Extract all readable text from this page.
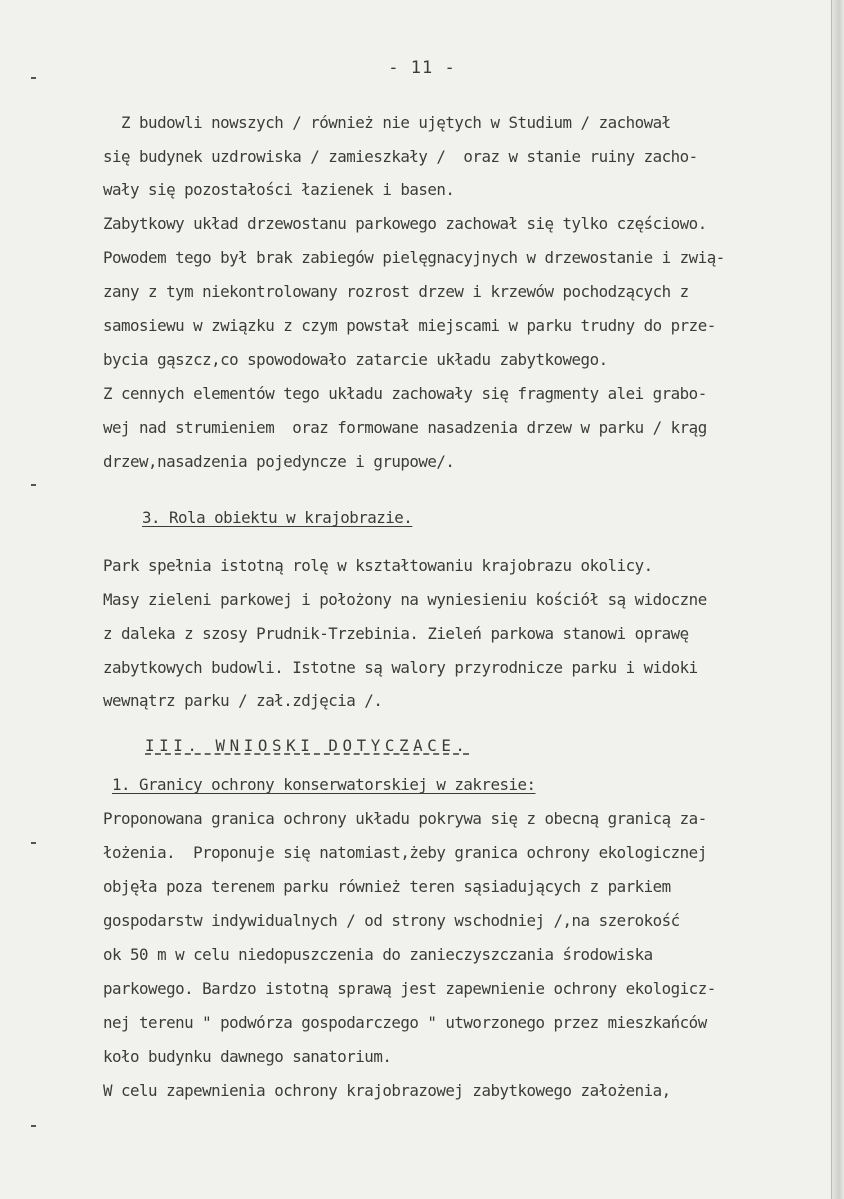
- 11 -
Z budowli nowszych / również nie ujętych w Studium / zachował
się budynek uzdrowiska / zamieszkały /  oraz w stanie ruiny zacho-
wały się pozostałości łazienek i basen.
Zabytkowy układ drzewostanu parkowego zachował się tylko częściowo.
Powodem tego był brak zabiegów pielęgnacyjnych w drzewostanie i zwią-
zany z tym niekontrolowany rozrost drzew i krzewów pochodzących z
samosiewu w związku z czym powstał miejscami w parku trudny do prze-
bycia gąszcz,co spowodowało zatarcie układu zabytkowego.
Z cennych elementów tego układu zachowały się fragmenty alei grabo-
wej nad strumieniem  oraz formowane nasadzenia drzew w parku / krąg
drzew,nasadzenia pojedyncze i grupowe/.
3. Rola obiektu w krajobrazie.
Park spełnia istotną rolę w kształtowaniu krajobrazu okolicy.
Masy zieleni parkowej i położony na wyniesieniu kościół są widoczne
z daleka z szosy Prudnik-Trzebinia. Zieleń parkowa stanowi oprawę
zabytkowych budowli. Istotne są walory przyrodnicze parku i widoki
wewnątrz parku / zał.zdjęcia /.
III. WNIOSKI DOTYCZACE.
1. Granicy ochrony konserwatorskiej w zakresie:
Proponowana granica ochrony układu pokrywa się z obecną granicą za-
łożenia.  Proponuje się natomiast,żeby granica ochrony ekologicznej
objęła poza terenem parku również teren sąsiadujących z parkiem
gospodarstw indywidualnych / od strony wschodniej /,na szerokość
ok 50 m w celu niedopuszczenia do zanieczyszczania środowiska
parkowego. Bardzo istotną sprawą jest zapewnienie ochrony ekologicz-
nej terenu " podwórza gospodarczego " utworzonego przez mieszkańców
koło budynku dawnego sanatorium.
W celu zapewnienia ochrony krajobrazowej zabytkowego założenia,
